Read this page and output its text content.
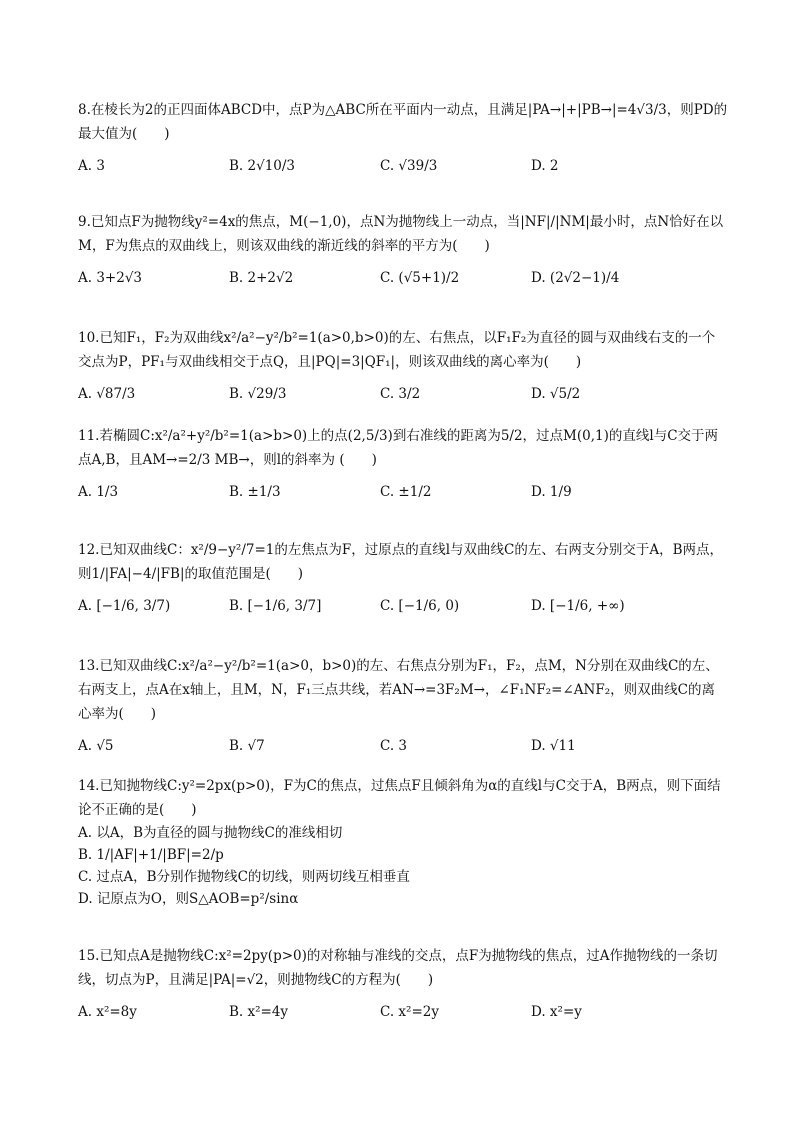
8.在棱长为2的正四面体ABCD中，点P为△ABC所在平面内一动点，且满足|PA→|+|PB→|=4√3/3，则PD的最大值为(　　)
A. 3	B. 2√10/3	C. √39/3	D. 2
9.已知点F为抛物线y²=4x的焦点，M(−1,0)，点N为抛物线上一动点，当|NF|/|NM|最小时，点N恰好在以M，F为焦点的双曲线上，则该双曲线的渐近线的斜率的平方为(　　)
A. 3+2√3	B. 2+2√2	C. (√5+1)/2	D. (2√2−1)/4
10.已知F₁，F₂为双曲线x²/a²−y²/b²=1(a>0,b>0)的左、右焦点，以F₁F₂为直径的圆与双曲线右支的一个交点为P，PF₁与双曲线相交于点Q，且|PQ|=3|QF₁|，则该双曲线的离心率为(　　)
A. √87/3	B. √29/3	C. 3/2	D. √5/2
11.若椭圆C:x²/a²+y²/b²=1(a>b>0)上的点(2,5/3)到右准线的距离为5/2，过点M(0,1)的直线l与C交于两点A,B，且AM→=2/3 MB→，则l的斜率为 (　　)
A. 1/3	B. ±1/3	C. ±1/2	D. 1/9
12.已知双曲线C：x²/9−y²/7=1的左焦点为F，过原点的直线l与双曲线C的左、右两支分别交于A，B两点，则1/|FA|−4/|FB|的取值范围是(　　)
A. [−1/6, 3/7)	B. [−1/6, 3/7]	C. [−1/6, 0)	D. [−1/6, +∞)
13.已知双曲线C:x²/a²−y²/b²=1(a>0，b>0)的左、右焦点分别为F₁，F₂，点M，N分别在双曲线C的左、右两支上，点A在x轴上，且M，N，F₁三点共线，若AN→=3F₂M→，∠F₁NF₂=∠ANF₂，则双曲线C的离心率为(　　)
A. √5	B. √7	C. 3	D. √11
14.已知抛物线C:y²=2px(p>0)，F为C的焦点，过焦点F且倾斜角为α的直线l与C交于A，B两点，则下面结论不正确的是(　　)
A. 以A，B为直径的圆与抛物线C的准线相切
B. 1/|AF|+1/|BF|=2/p
C. 过点A，B分别作抛物线C的切线，则两切线互相垂直
D. 记原点为O，则S△AOB=p²/sinα
15.已知点A是抛物线C:x²=2py(p>0)的对称轴与准线的交点，点F为抛物线的焦点，过A作抛物线的一条切线，切点为P，且满足|PA|=√2，则抛物线C的方程为(　　)
A. x²=8y	B. x²=4y	C. x²=2y	D. x²=y
